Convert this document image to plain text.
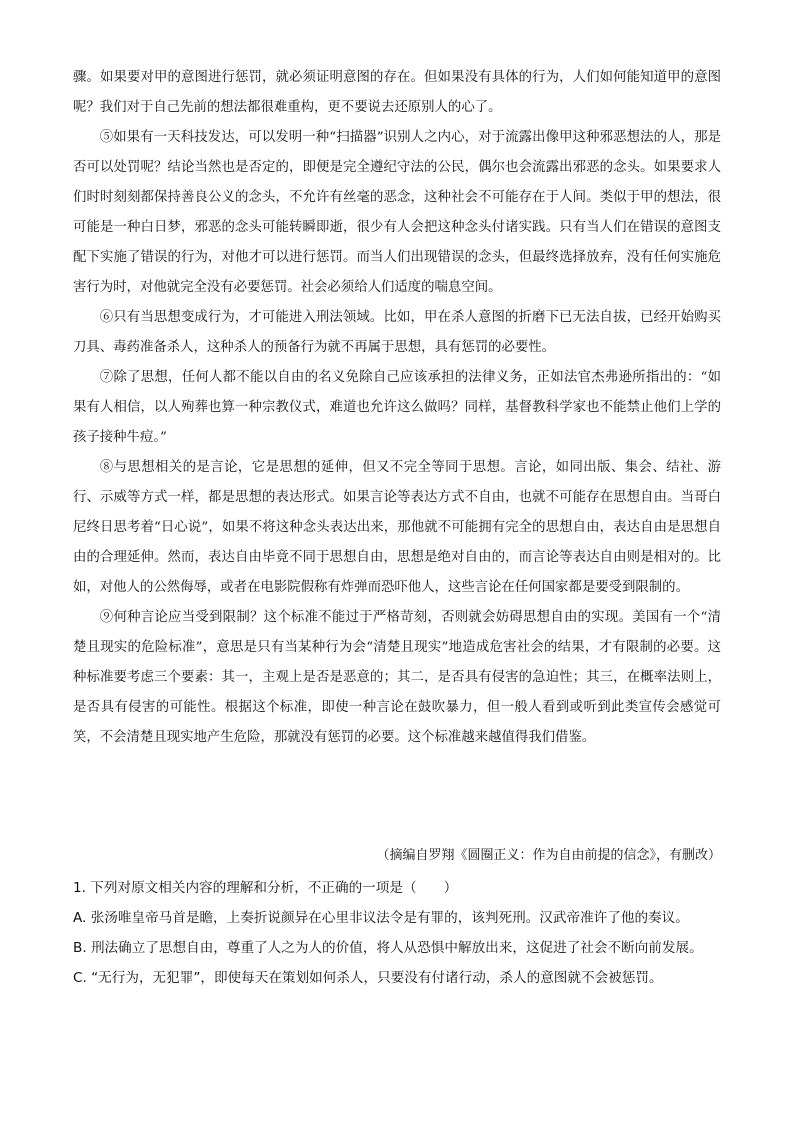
骤。如果要对甲的意图进行惩罚，就必须证明意图的存在。但如果没有具体的行为，人们如何能知道甲的意图呢？我们对于自己先前的想法都很难重构，更不要说去还原别人的心了。

⑤如果有一天科技发达，可以发明一种“扫描器”识别人之内心，对于流露出像甲这种邪恶想法的人，那是否可以处罚呢？结论当然也是否定的，即便是完全遵纪守法的公民，偶尔也会流露出邪恶的念头。如果要求人们时时刻刻都保持善良公义的念头，不允许有丝毫的恶念，这种社会不可能存在于人间。类似于甲的想法，很可能是一种白日梦，邪恶的念头可能转瞬即逝，很少有人会把这种念头付诸实践。只有当人们在错误的意图支配下实施了错误的行为，对他才可以进行惩罚。而当人们出现错误的念头，但最终选择放弃，没有任何实施危害行为时，对他就完全没有必要惩罚。社会必须给人们适度的喘息空间。

⑥只有当思想变成行为，才可能进入刑法领域。比如，甲在杀人意图的折磨下已无法自拔，已经开始购买刀具、毒药准备杀人，这种杀人的预备行为就不再属于思想，具有惩罚的必要性。

⑦除了思想，任何人都不能以自由的名义免除自己应该承担的法律义务，正如法官杰弗逊所指出的：“如果有人相信，以人殉葬也算一种宗教仪式，难道也允许这么做吗？同样，基督教科学家也不能禁止他们上学的孩子接种牛痘。”

⑧与思想相关的是言论，它是思想的延伸，但又不完全等同于思想。言论，如同出版、集会、结社、游行、示威等方式一样，都是思想的表达形式。如果言论等表达方式不自由，也就不可能存在思想自由。当哥白尼终日思考着“日心说”，如果不将这种念头表达出来，那他就不可能拥有完全的思想自由，表达自由是思想自由的合理延伸。然而，表达自由毕竟不同于思想自由，思想是绝对自由的，而言论等表达自由则是相对的。比如，对他人的公然侮辱，或者在电影院假称有炸弹而恐吓他人，这些言论在任何国家都是要受到限制的。

⑨何种言论应当受到限制？这个标准不能过于严格苛刻，否则就会妨碍思想自由的实现。美国有一个“清楚且现实的危险标准”，意思是只有当某种行为会“清楚且现实”地造成危害社会的结果，才有限制的必要。这种标准要考虑三个要素：其一，主观上是否是恶意的；其二，是否具有侵害的急迫性；其三，在概率法则上，是否具有侵害的可能性。根据这个标准，即使一种言论在鼓吹暴力，但一般人看到或听到此类宣传会感觉可笑，不会清楚且现实地产生危险，那就没有惩罚的必要。这个标准越来越值得我们借鉴。

（摘编自罗翔《圆圈正义：作为自由前提的信念》，有删改）

1. 下列对原文相关内容的理解和分析，不正确的一项是（　　）

A. 张汤唯皇帝马首是瞻，上奏折说颜异在心里非议法令是有罪的，该判死刑。汉武帝准许了他的奏议。

B. 刑法确立了思想自由，尊重了人之为人的价值，将人从恐惧中解放出来，这促进了社会不断向前发展。

C. “无行为，无犯罪”，即使每天在策划如何杀人，只要没有付诸行动，杀人的意图就不会被惩罚。
